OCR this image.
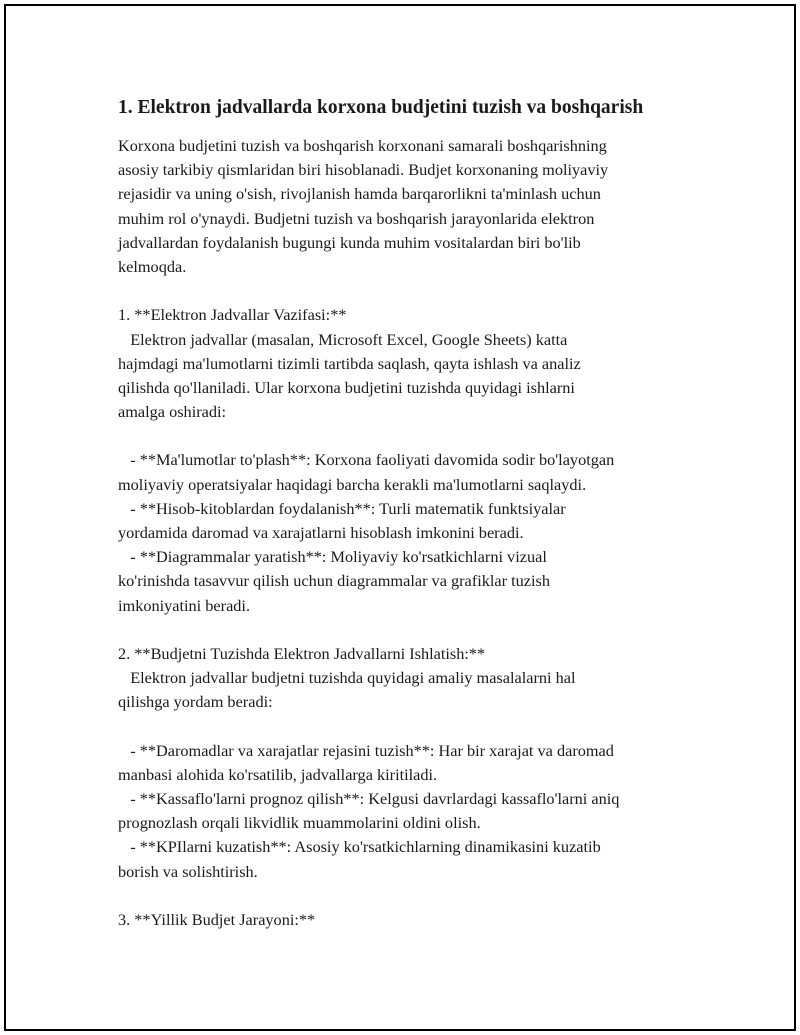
1. Elektron jadvallarda korxona budjetini tuzish va boshqarish
Korxona budjetini tuzish va boshqarish korxonani samarali boshqarishning
asosiy tarkibiy qismlaridan biri hisoblanadi. Budjet korxonaning moliyaviy
rejasidir va uning o'sish, rivojlanish hamda barqarorlikni ta'minlash uchun
muhim rol o'ynaydi. Budjetni tuzish va boshqarish jarayonlarida elektron
jadvallardan foydalanish bugungi kunda muhim vositalardan biri bo'lib
kelmoqda.
1. **Elektron Jadvallar Vazifasi:**
Elektron jadvallar (masalan, Microsoft Excel, Google Sheets) katta
hajmdagi ma'lumotlarni tizimli tartibda saqlash, qayta ishlash va analiz
qilishda qo'llaniladi. Ular korxona budjetini tuzishda quyidagi ishlarni
amalga oshiradi:
- **Ma'lumotlar to'plash**: Korxona faoliyati davomida sodir bo'layotgan
moliyaviy operatsiyalar haqidagi barcha kerakli ma'lumotlarni saqlaydi.
- **Hisob-kitoblardan foydalanish**: Turli matematik funktsiyalar
yordamida daromad va xarajatlarni hisoblash imkonini beradi.
- **Diagrammalar yaratish**: Moliyaviy ko'rsatkichlarni vizual
ko'rinishda tasavvur qilish uchun diagrammalar va grafiklar tuzish
imkoniyatini beradi.
2. **Budjetni Tuzishda Elektron Jadvallarni Ishlatish:**
Elektron jadvallar budjetni tuzishda quyidagi amaliy masalalarni hal
qilishga yordam beradi:
- **Daromadlar va xarajatlar rejasini tuzish**: Har bir xarajat va daromad
manbasi alohida ko'rsatilib, jadvallarga kiritiladi.
- **Kassaflo'larni prognoz qilish**: Kelgusi davrlardagi kassaflo'larni aniq
prognozlash orqali likvidlik muammolarini oldini olish.
- **KPIlarni kuzatish**: Asosiy ko'rsatkichlarning dinamikasini kuzatib
borish va solishtirish.
3. **Yillik Budjet Jarayoni:**
